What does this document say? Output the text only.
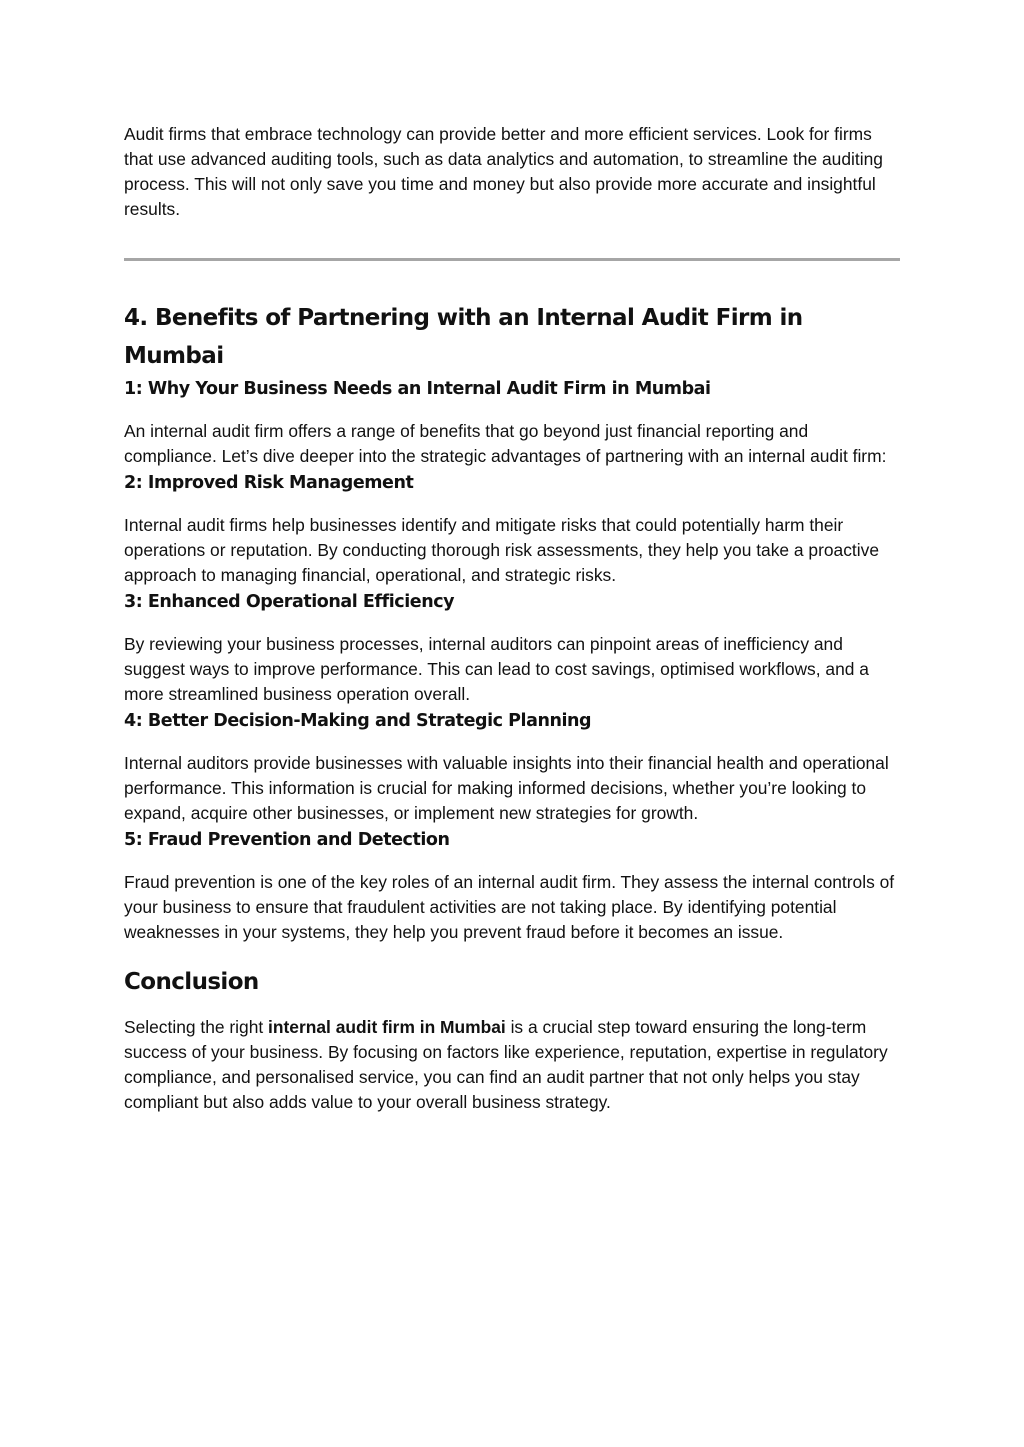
Audit firms that embrace technology can provide better and more efficient services. Look for firms that use advanced auditing tools, such as data analytics and automation, to streamline the auditing process. This will not only save you time and money but also provide more accurate and insightful results.

4. Benefits of Partnering with an Internal Audit Firm in Mumbai
1: Why Your Business Needs an Internal Audit Firm in Mumbai

An internal audit firm offers a range of benefits that go beyond just financial reporting and compliance. Let’s dive deeper into the strategic advantages of partnering with an internal audit firm:

2: Improved Risk Management

Internal audit firms help businesses identify and mitigate risks that could potentially harm their operations or reputation. By conducting thorough risk assessments, they help you take a proactive approach to managing financial, operational, and strategic risks.

3: Enhanced Operational Efficiency

By reviewing your business processes, internal auditors can pinpoint areas of inefficiency and suggest ways to improve performance. This can lead to cost savings, optimised workflows, and a more streamlined business operation overall.

4: Better Decision-Making and Strategic Planning

Internal auditors provide businesses with valuable insights into their financial health and operational performance. This information is crucial for making informed decisions, whether you’re looking to expand, acquire other businesses, or implement new strategies for growth.

5: Fraud Prevention and Detection

Fraud prevention is one of the key roles of an internal audit firm. They assess the internal controls of your business to ensure that fraudulent activities are not taking place. By identifying potential weaknesses in your systems, they help you prevent fraud before it becomes an issue.

Conclusion

Selecting the right internal audit firm in Mumbai is a crucial step toward ensuring the long-term success of your business. By focusing on factors like experience, reputation, expertise in regulatory compliance, and personalised service, you can find an audit partner that not only helps you stay compliant but also adds value to your overall business strategy.
